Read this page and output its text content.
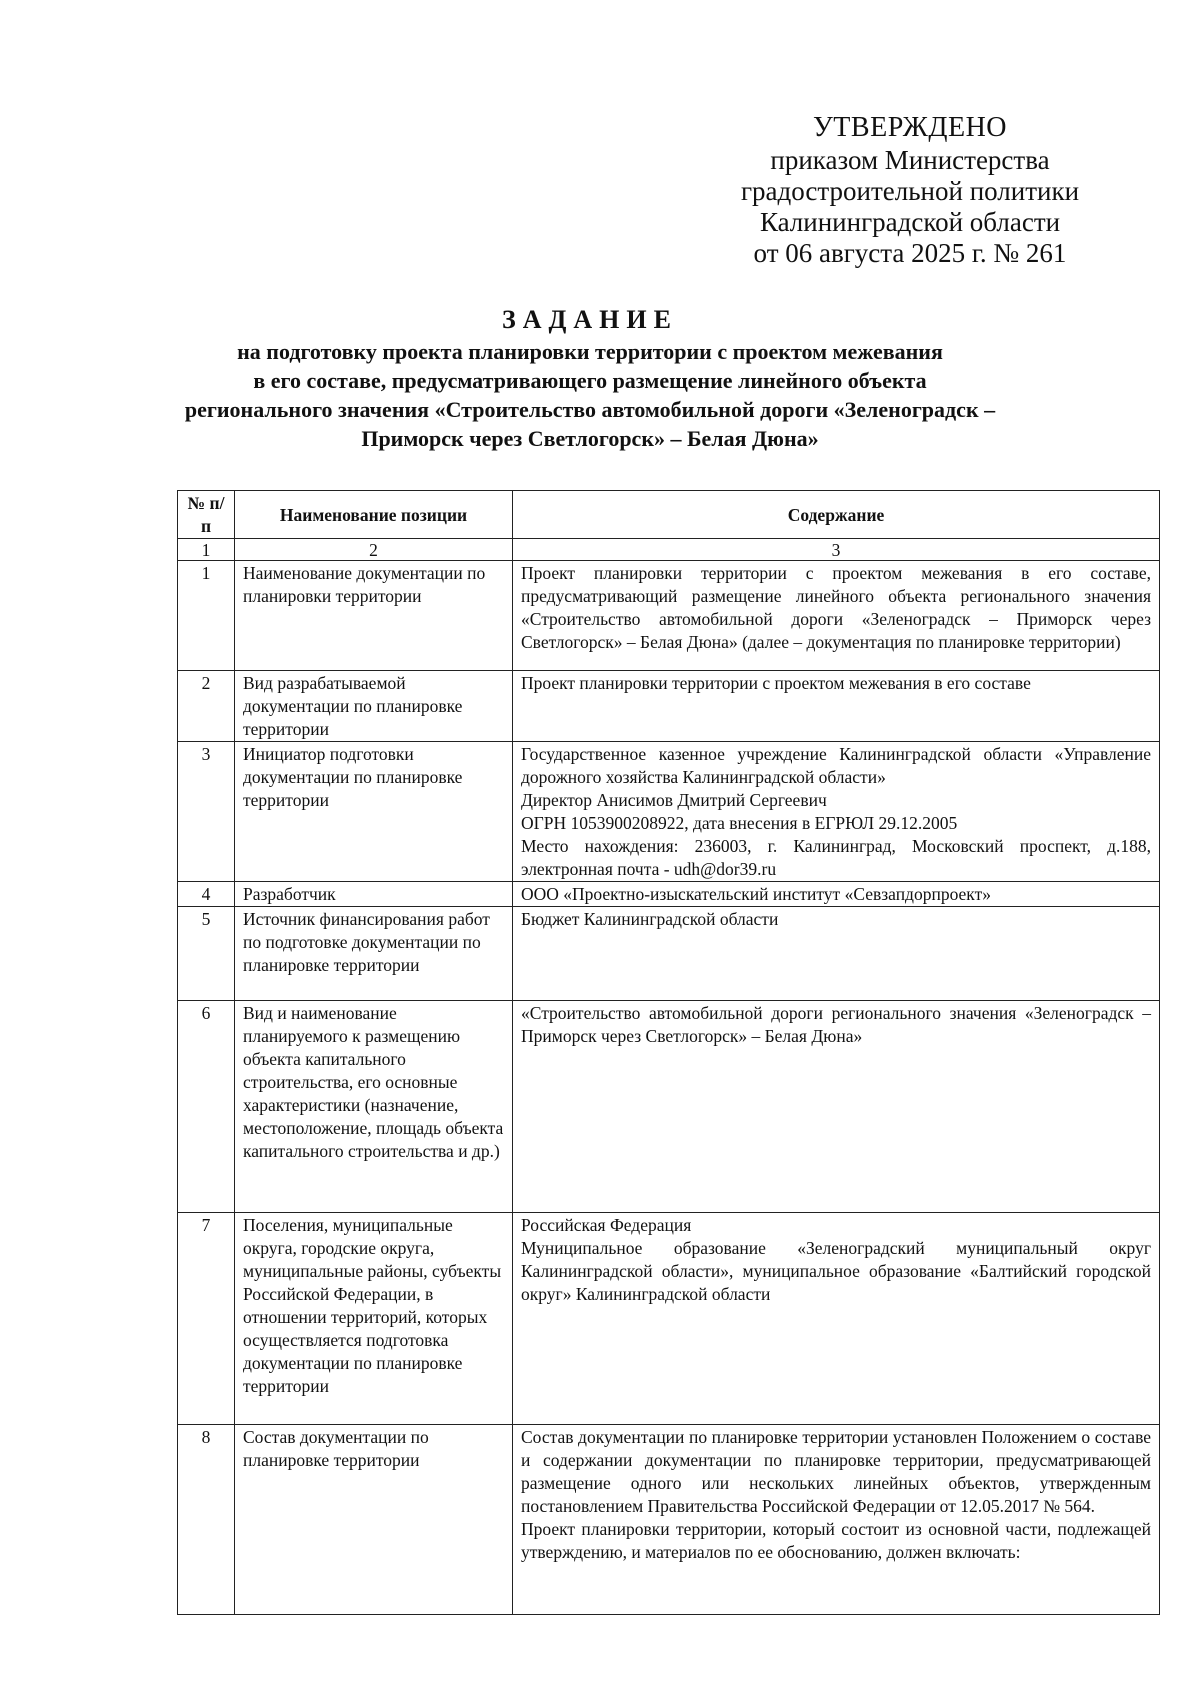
УТВЕРЖДЕНО
приказом Министерства
градостроительной политики
Калининградской области
от 06 августа 2025 г. № 261
ЗАДАНИЕ
на подготовку проекта планировки территории с проектом межевания
в его составе, предусматривающего размещение линейного объекта
регионального значения «Строительство автомобильной дороги «Зеленоградск –
Приморск через Светлогорск» – Белая Дюна»
№ п/п	Наименование позиции	Содержание
1	2	3
1	Наименование документации по планировки территории	Проект планировки территории с проектом межевания в его составе, предусматривающий размещение линейного объекта регионального значения «Строительство автомобильной дороги «Зеленоградск – Приморск через Светлогорск» – Белая Дюна» (далее – документация по планировке территории)

2	Вид разрабатываемой документации по планировке территории	Проект планировки территории с проектом межевания в его составе

3	Инициатор подготовки документации по планировке территории	Государственное казенное учреждение Калининградской области «Управление дорожного хозяйства Калининградской области»
Директор Анисимов Дмитрий Сергеевич
ОГРН 1053900208922, дата внесения в ЕГРЮЛ 29.12.2005
Место нахождения: 236003, г. Калининград, Московский проспект, д.188, электронная почта - udh@dor39.ru

4	Разработчик	ООО «Проектно-изыскательский институт «Севзапдорпроект»

5	Источник финансирования работ по подготовке документации по планировке территории	Бюджет Калининградской области

6	Вид и наименование планируемого к размещению объекта капитального строительства, его основные характеристики (назначение, местоположение, площадь объекта капитального строительства и др.)	«Строительство автомобильной дороги регионального значения «Зеленоградск – Приморск через Светлогорск» – Белая Дюна»

7	Поселения, муниципальные округа, городские округа, муниципальные районы, субъекты Российской Федерации, в отношении территорий, которых осуществляется подготовка документации по планировке территории	Российская Федерация
Муниципальное образование «Зеленоградский муниципальный округ Калининградской области», муниципальное образование «Балтийский городской округ» Калининградской области

8	Состав документации по планировке территории	Состав документации по планировке территории установлен Положением о составе и содержании документации по планировке территории, предусматривающей размещение одного или нескольких линейных объектов, утвержденным постановлением Правительства Российской Федерации от 12.05.2017 № 564.
Проект планировки территории, который состоит из основной части, подлежащей утверждению, и материалов по ее обоснованию, должен включать:
